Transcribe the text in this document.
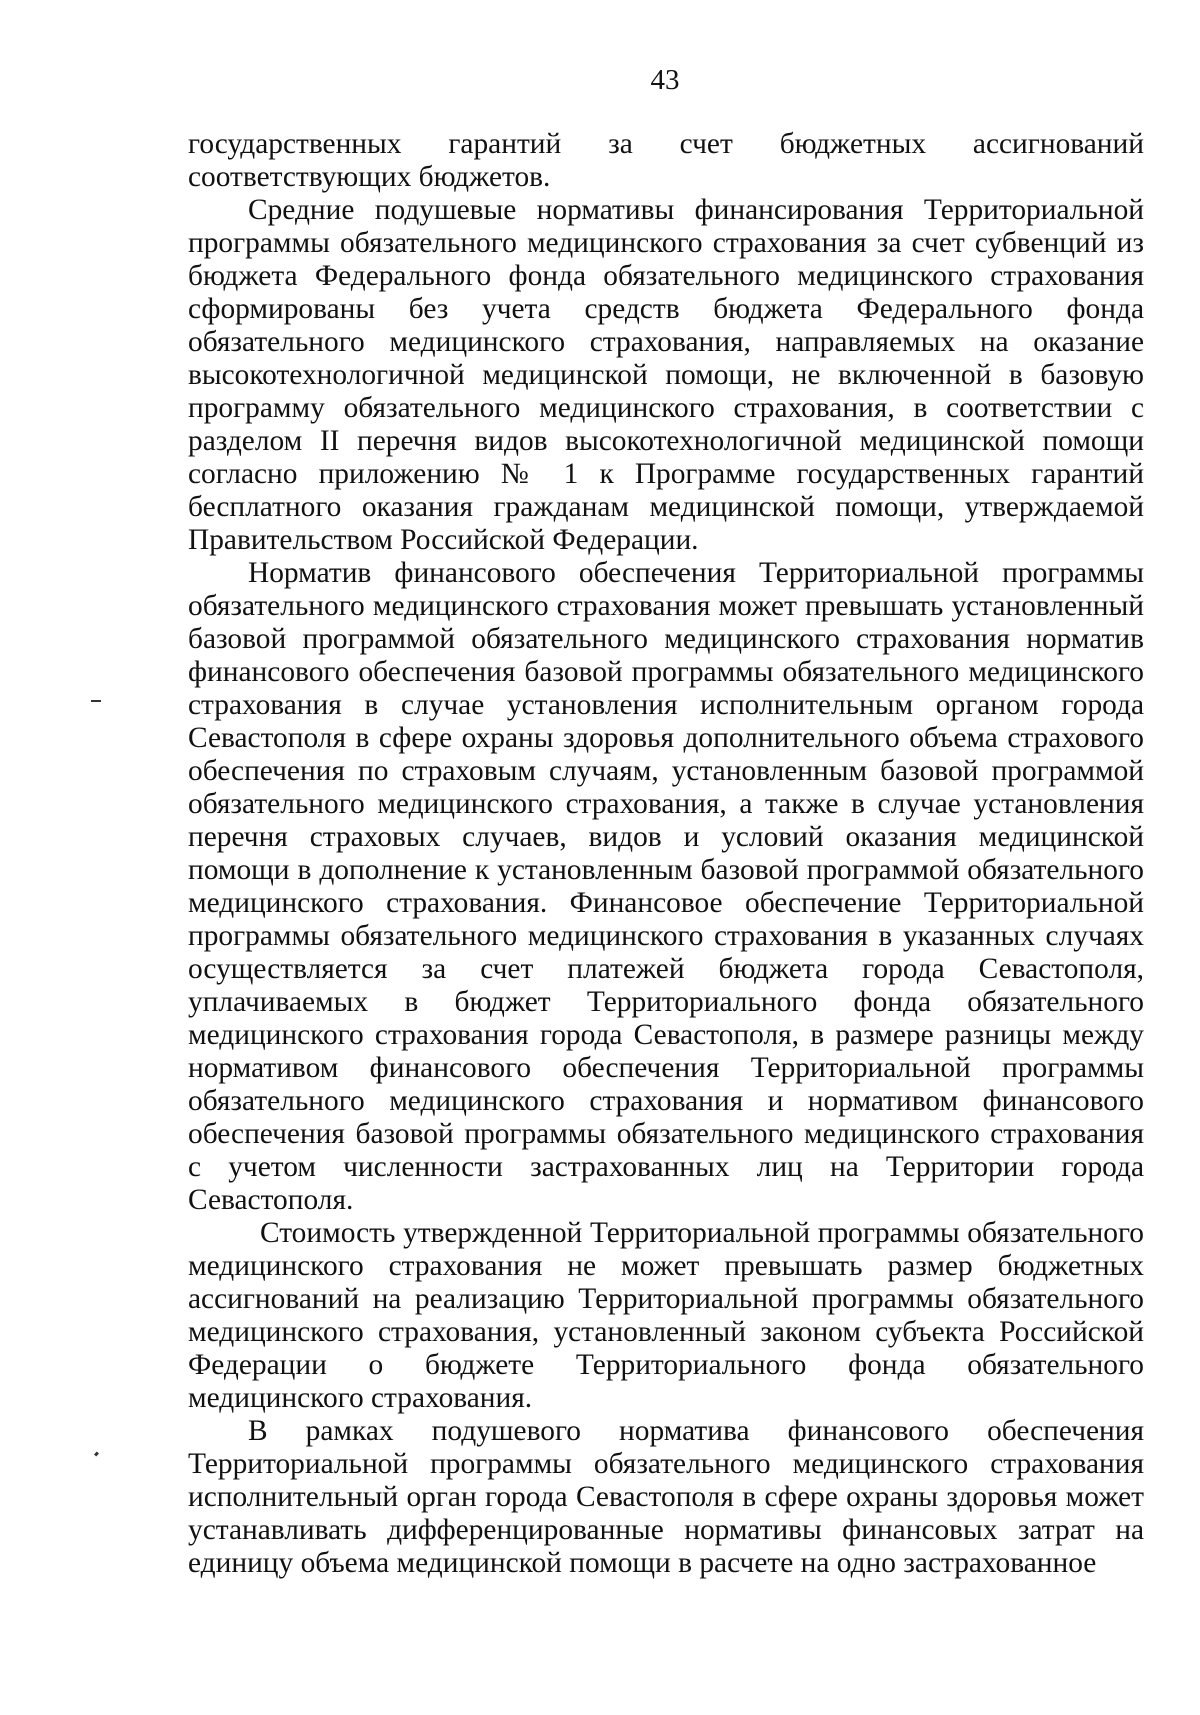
43

государственных гарантий за счет бюджетных ассигнований соответствующих бюджетов.

Средние подушевые нормативы финансирования Территориальной программы обязательного медицинского страхования за счет субвенций из бюджета Федерального фонда обязательного медицинского страхования сформированы без учета средств бюджета Федерального фонда обязательного медицинского страхования, направляемых на оказание высокотехнологичной медицинской помощи, не включенной в базовую программу обязательного медицинского страхования, в соответствии с разделом II перечня видов высокотехнологичной медицинской помощи согласно приложению № 1 к Программе государственных гарантий бесплатного оказания гражданам медицинской помощи, утверждаемой Правительством Российской Федерации.

Норматив финансового обеспечения Территориальной программы обязательного медицинского страхования может превышать установленный базовой программой обязательного медицинского страхования норматив финансового обеспечения базовой программы обязательного медицинского страхования в случае установления исполнительным органом города Севастополя в сфере охраны здоровья дополнительного объема страхового обеспечения по страховым случаям, установленным базовой программой обязательного медицинского страхования, а также в случае установления перечня страховых случаев, видов и условий оказания медицинской помощи в дополнение к установленным базовой программой обязательного медицинского страхования. Финансовое обеспечение Территориальной программы обязательного медицинского страхования в указанных случаях осуществляется за счет платежей бюджета города Севастополя, уплачиваемых в бюджет Территориального фонда обязательного медицинского страхования города Севастополя, в размере разницы между нормативом финансового обеспечения Территориальной программы обязательного медицинского страхования и нормативом финансового обеспечения базовой программы обязательного медицинского страхования с учетом численности застрахованных лиц на Территории города Севастополя.

Стоимость утвержденной Территориальной программы обязательного медицинского страхования не может превышать размер бюджетных ассигнований на реализацию Территориальной программы обязательного медицинского страхования, установленный законом субъекта Российской Федерации о бюджете Территориального фонда обязательного медицинского страхования.

В рамках подушевого норматива финансового обеспечения Территориальной программы обязательного медицинского страхования исполнительный орган города Севастополя в сфере охраны здоровья может устанавливать дифференцированные нормативы финансовых затрат на единицу объема медицинской помощи в расчете на одно застрахованное
